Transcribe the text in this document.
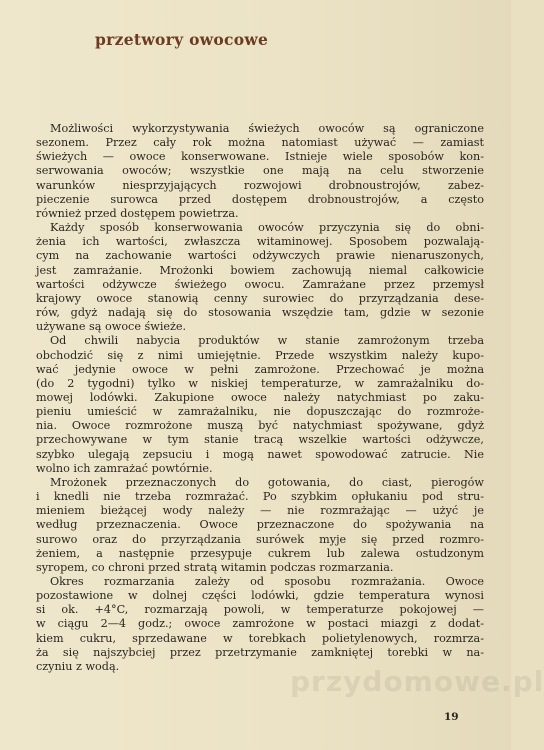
przetwory owocowe

Możliwości wykorzystywania świeżych owoców są ograniczone
sezonem. Przez cały rok można natomiast używać — zamiast
świeżych — owoce konserwowane. Istnieje wiele sposobów kon-
serwowania owoców; wszystkie one mają na celu stworzenie
warunków niesprzyjających rozwojowi drobnoustrojów, zabez-
pieczenie surowca przed dostępem drobnoustrojów, a często
również przed dostępem powietrza.

Każdy sposób konserwowania owoców przyczynia się do obni-
żenia ich wartości, zwłaszcza witaminowej. Sposobem pozwalają-
cym na zachowanie wartości odżywczych prawie nienaruszonych,
jest zamrażanie. Mrożonki bowiem zachowują niemal całkowicie
wartości odżywcze świeżego owocu. Zamrażane przez przemysł
krajowy owoce stanowią cenny surowiec do przyrządzania dese-
rów, gdyż nadają się do stosowania wszędzie tam, gdzie w sezonie
używane są owoce świeże.

Od chwili nabycia produktów w stanie zamrożonym trzeba
obchodzić się z nimi umiejętnie. Przede wszystkim należy kupo-
wać jedynie owoce w pełni zamrożone. Przechować je można
(do 2 tygodni) tylko w niskiej temperaturze, w zamrażalniku do-
mowej lodówki. Zakupione owoce należy natychmiast po zaku-
pieniu umieścić w zamrażalniku, nie dopuszczając do rozmroże-
nia. Owoce rozmrożone muszą być natychmiast spożywane, gdyż
przechowywane w tym stanie tracą wszelkie wartości odżywcze,
szybko ulegają zepsuciu i mogą nawet spowodować zatrucie. Nie
wolno ich zamrażać powtórnie.

Mrożonek przeznaczonych do gotowania, do ciast, pierogów
i knedli nie trzeba rozmrażać. Po szybkim opłukaniu pod stru-
mieniem bieżącej wody należy — nie rozmrażając — użyć je
według przeznaczenia. Owoce przeznaczone do spożywania na
surowo oraz do przyrządzania surówek myje się przed rozmro-
żeniem, a następnie przesypuje cukrem lub zalewa ostudzonym
syropem, co chroni przed stratą witamin podczas rozmarzania.

Okres rozmarzania zależy od sposobu rozmrażania. Owoce
pozostawione w dolnej części lodówki, gdzie temperatura wynosi
si ok. +4°C, rozmarzają powoli, w temperaturze pokojowej —
w ciągu 2—4 godz.; owoce zamrożone w postaci miazgi z dodat-
kiem cukru, sprzedawane w torebkach polietylenowych, rozmrza-
ża się najszybciej przez przetrzymanie zamkniętej torebki w na-
czyniu z wodą.	przydomowe.pl
19
